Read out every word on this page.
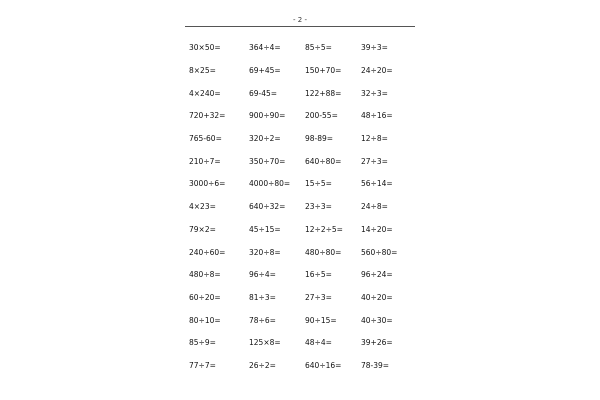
- 2 -
30×50=	364÷4=	85÷5=	39÷3=
8×25=	69+45=	150+70=	24÷20=
4×240=	69-45=	122+88=	32÷3=
720+32=	900÷90=	200-55=	48÷16=
765-60=	320÷2=	98-89=	12÷8=
210÷7=	350÷70=	640÷80=	27÷3=
3000÷6=	4000÷80=	15÷5=	56÷14=
4×23=	640÷32=	23÷3=	24÷8=
79×2=	45÷15=	12÷2÷5=	14÷20=
240÷60=	320÷8=	480÷80=	560÷80=
480÷8=	96÷4=	16÷5=	96÷24=
60÷20=	81÷3=	27÷3=	40÷20=
80÷10=	78÷6=	90÷15=	40÷30=
85÷9=	125×8=	48÷4=	39+26=
77÷7=	26÷2=	640÷16=	78-39=
